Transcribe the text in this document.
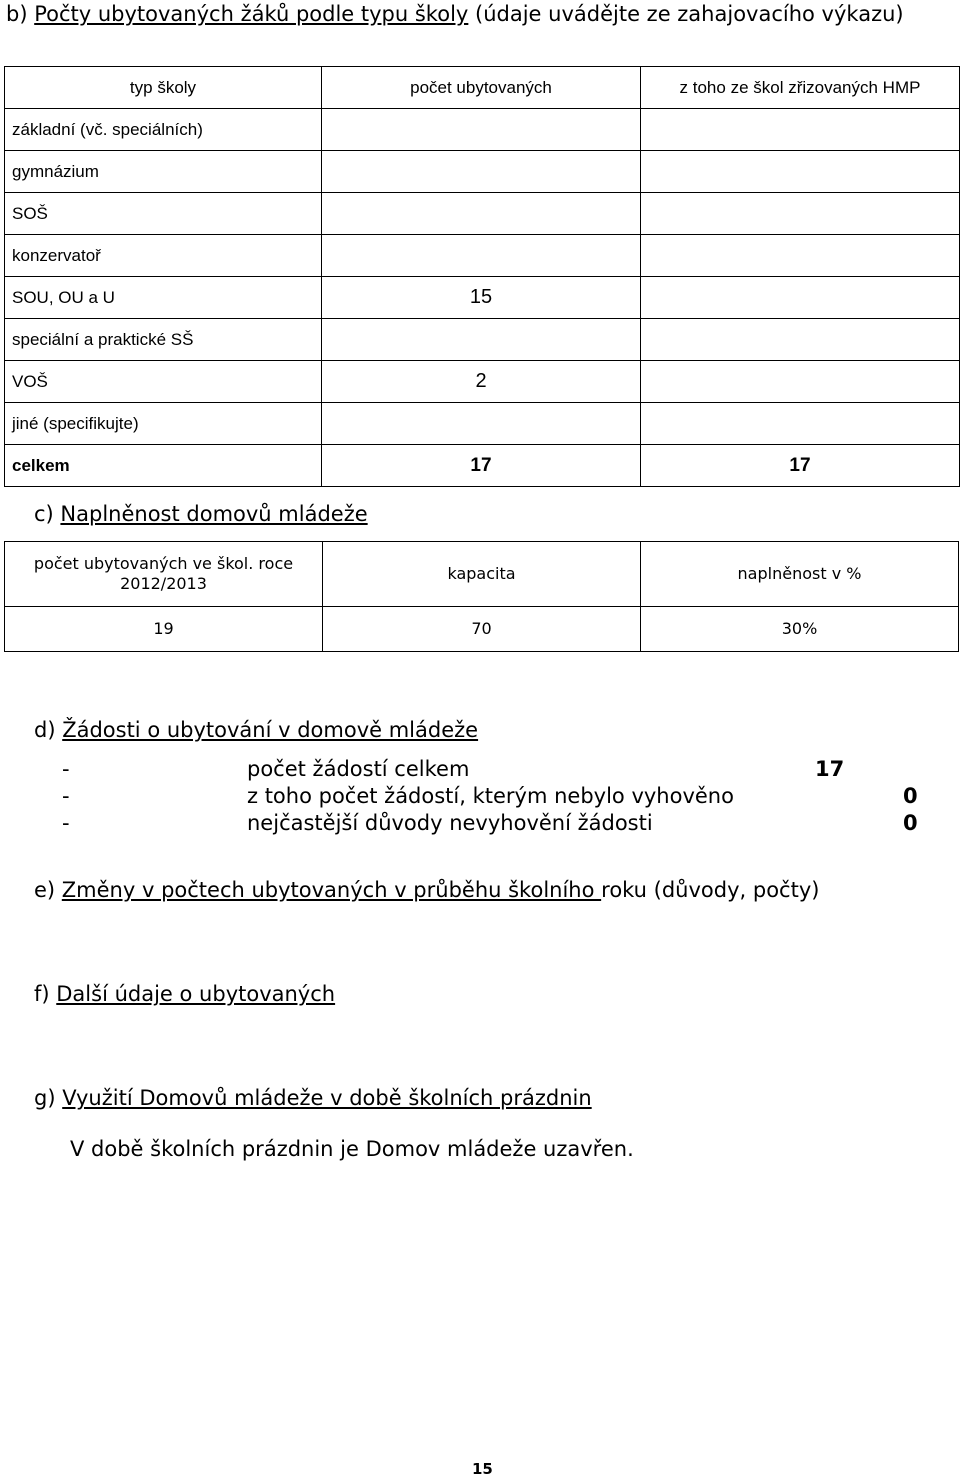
b) Počty ubytovaných žáků podle typu školy (údaje uvádějte ze zahajovacího výkazu)
typ školy	počet ubytovaných	z toho ze škol zřizovaných HMP
základní (vč. speciálních)		
gymnázium		
SOŠ		
konzervatoř		
SOU, OU a U	15	
speciální a praktické SŠ		
VOŠ	2	
jiné (specifikujte)		
celkem	17	17
c) Naplněnost domovů mládeže
počet ubytovaných ve škol. roce 2012/2013	kapacita	naplněnost v %
19	70	30%
d) Žádosti o ubytování v domově mládeže
-	počet žádostí celkem	17
-	z toho počet žádostí, kterým nebylo vyhověno	0
-	nejčastější důvody nevyhovění žádosti	0
e) Změny v počtech ubytovaných v průběhu školního roku (důvody, počty)
f) Další údaje o ubytovaných
g) Využití Domovů mládeže v době školních prázdnin
V době školních prázdnin je Domov mládeže uzavřen.
15
